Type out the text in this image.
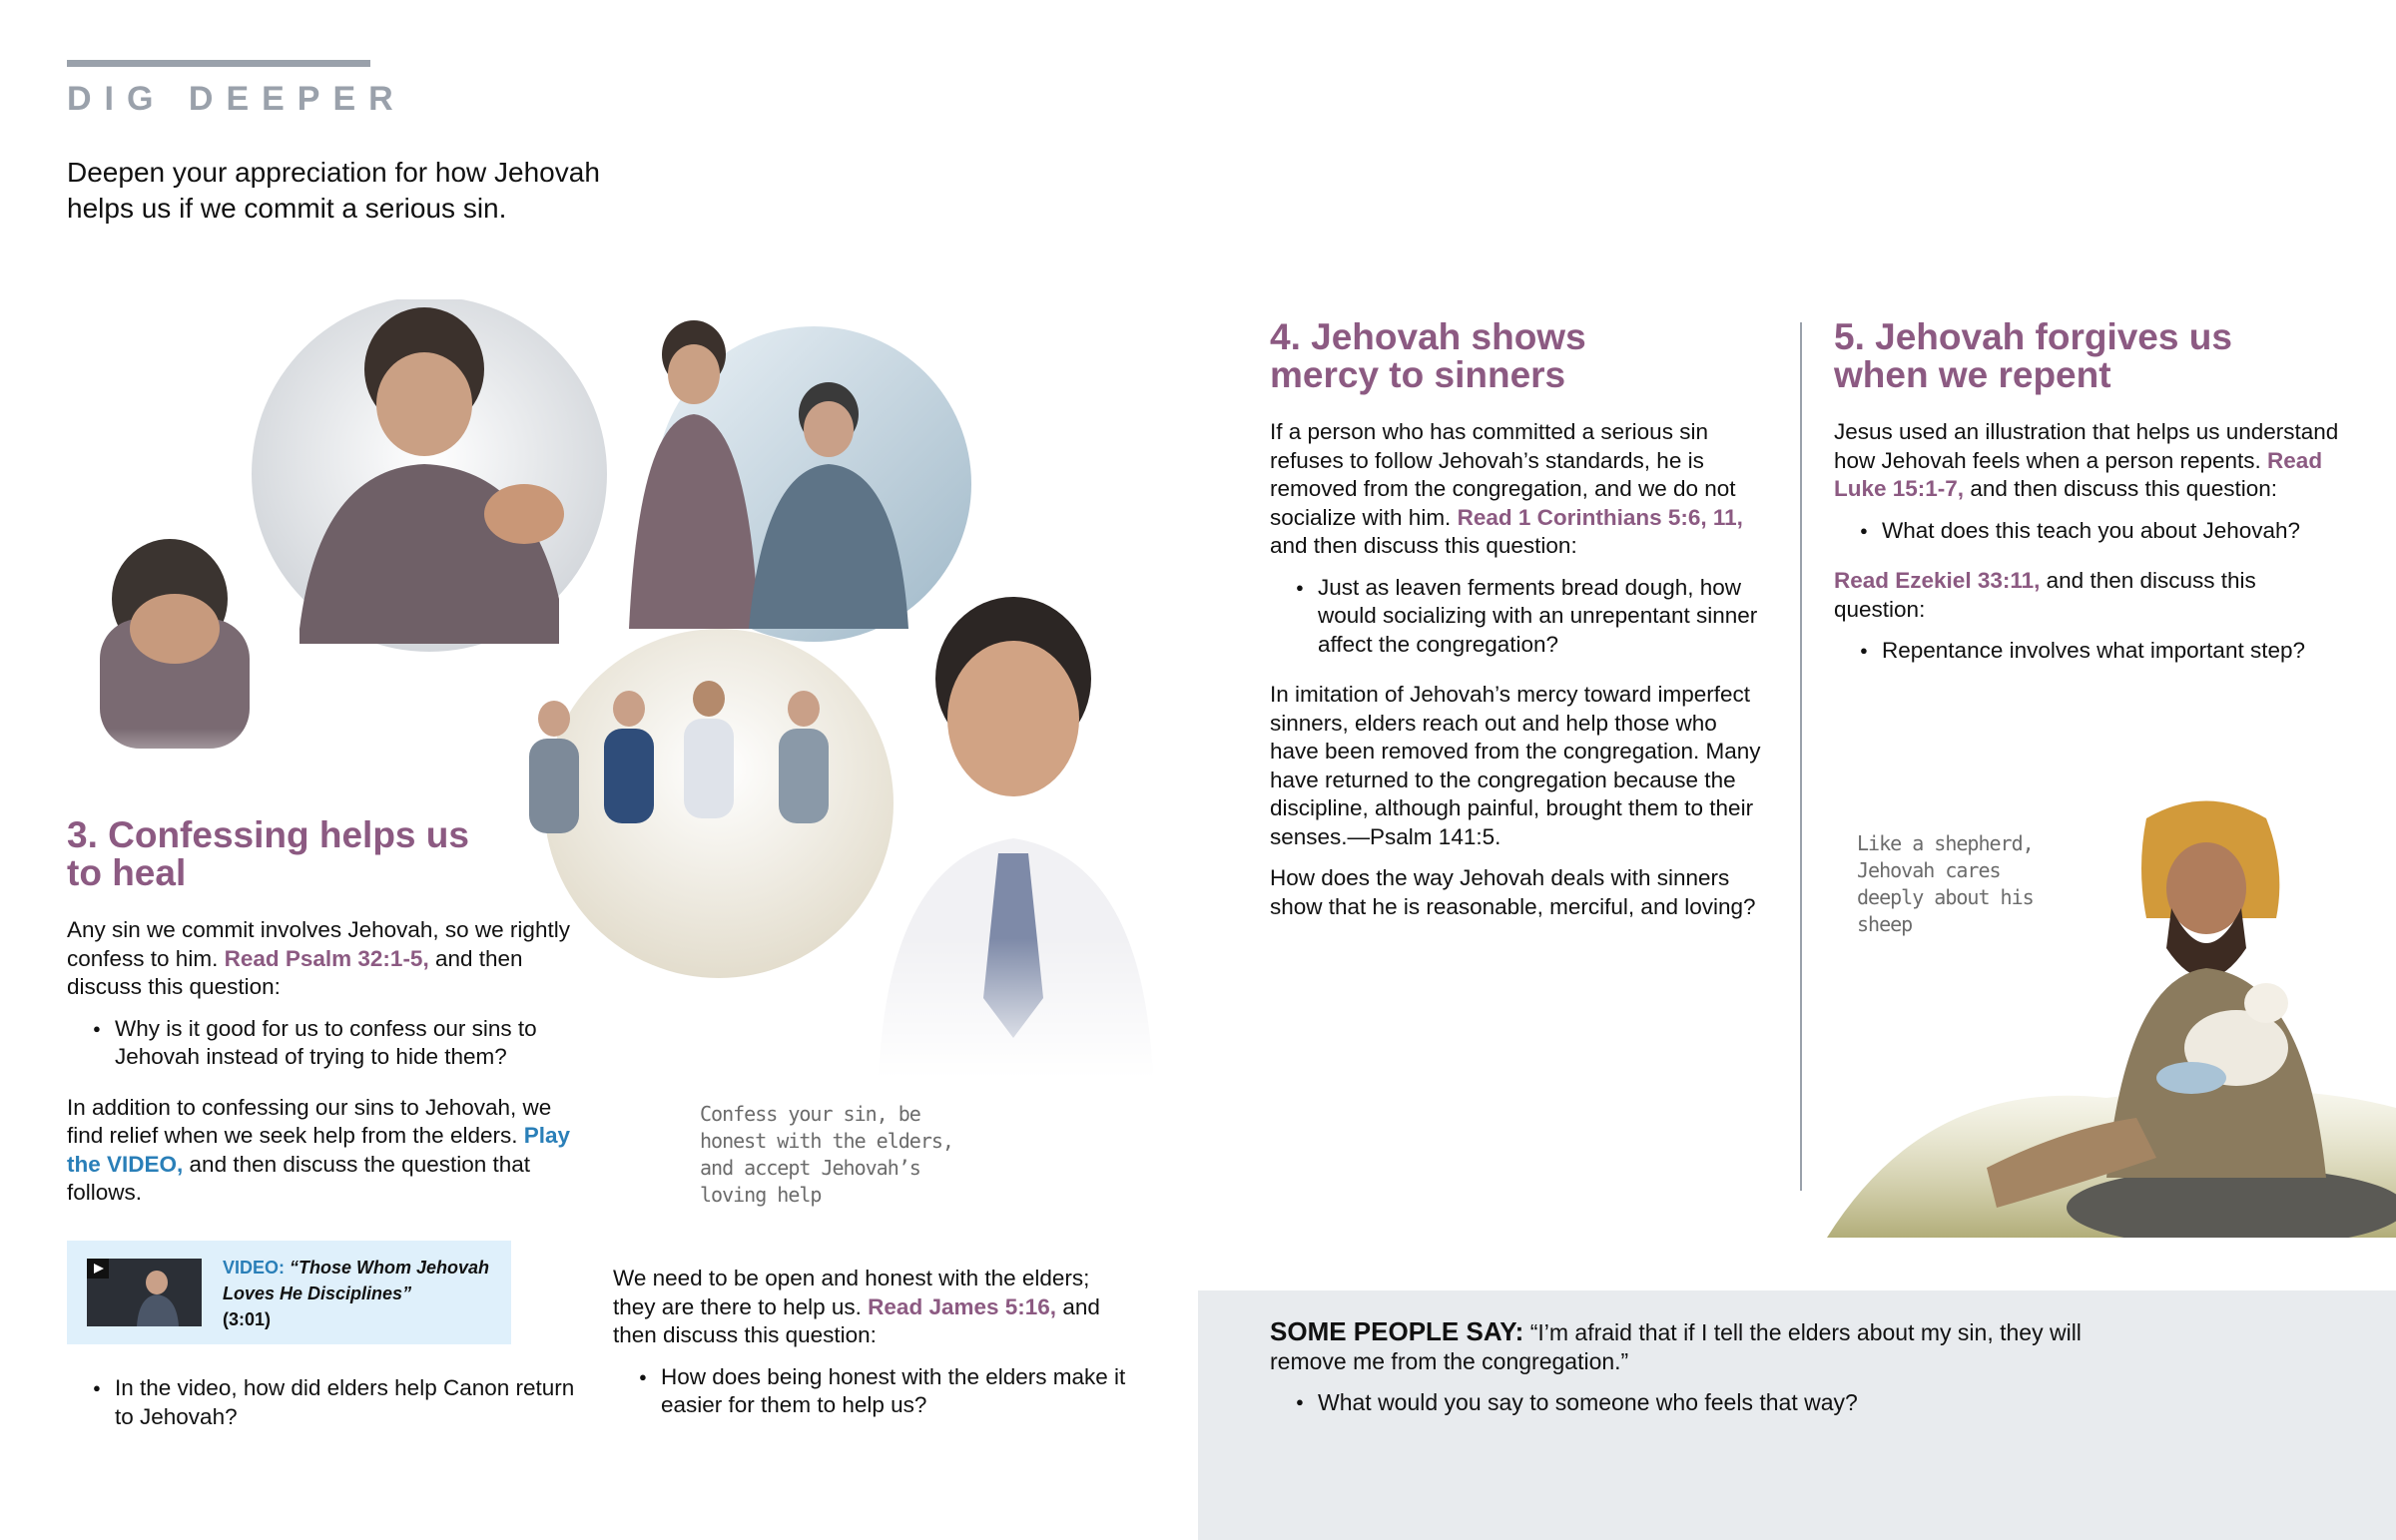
DIG DEEPER
Deepen your appreciation for how Jehovah helps us if we commit a serious sin.
3. Confessing helps us to heal

Any sin we commit involves Jehovah, so we rightly confess to him. Read Psalm 32:1-5, and then discuss this question:

● Why is it good for us to confess our sins to Jehovah instead of trying to hide them?

In addition to confessing our sins to Jehovah, we find relief when we seek help from the elders. Play the VIDEO, and then discuss the question that follows.

VIDEO: “Those Whom Jehovah Loves He Disciplines”
(3:01)

● In the video, how did elders help Canon return to Jehovah?

Confess your sin, be honest with the elders, and accept Jehovah’s loving help

We need to be open and honest with the elders; they are there to help us. Read James 5:16, and then discuss this question:

● How does being honest with the elders make it easier for them to help us?

4. Jehovah shows mercy to sinners

If a person who has committed a serious sin refuses to follow Jehovah’s standards, he is removed from the congregation, and we do not socialize with him. Read 1 Corinthians 5:6, 11, and then discuss this question:

● Just as leaven ferments bread dough, how would socializing with an unrepentant sinner affect the congregation?

In imitation of Jehovah’s mercy toward imperfect sinners, elders reach out and help those who have been removed from the congregation. Many have returned to the congregation because the discipline, although painful, brought them to their senses.—Psalm 141:5.

How does the way Jehovah deals with sinners show that he is reasonable, merciful, and loving?

5. Jehovah forgives us when we repent

Jesus used an illustration that helps us understand how Jehovah feels when a person repents. Read Luke 15:1-7, and then discuss this question:

● What does this teach you about Jehovah?

Read Ezekiel 33:11, and then discuss this question:

● Repentance involves what important step?

Like a shepherd, Jehovah cares deeply about his sheep

SOME PEOPLE SAY: “I’m afraid that if I tell the elders about my sin, they will remove me from the congregation.”

● What would you say to someone who feels that way?
